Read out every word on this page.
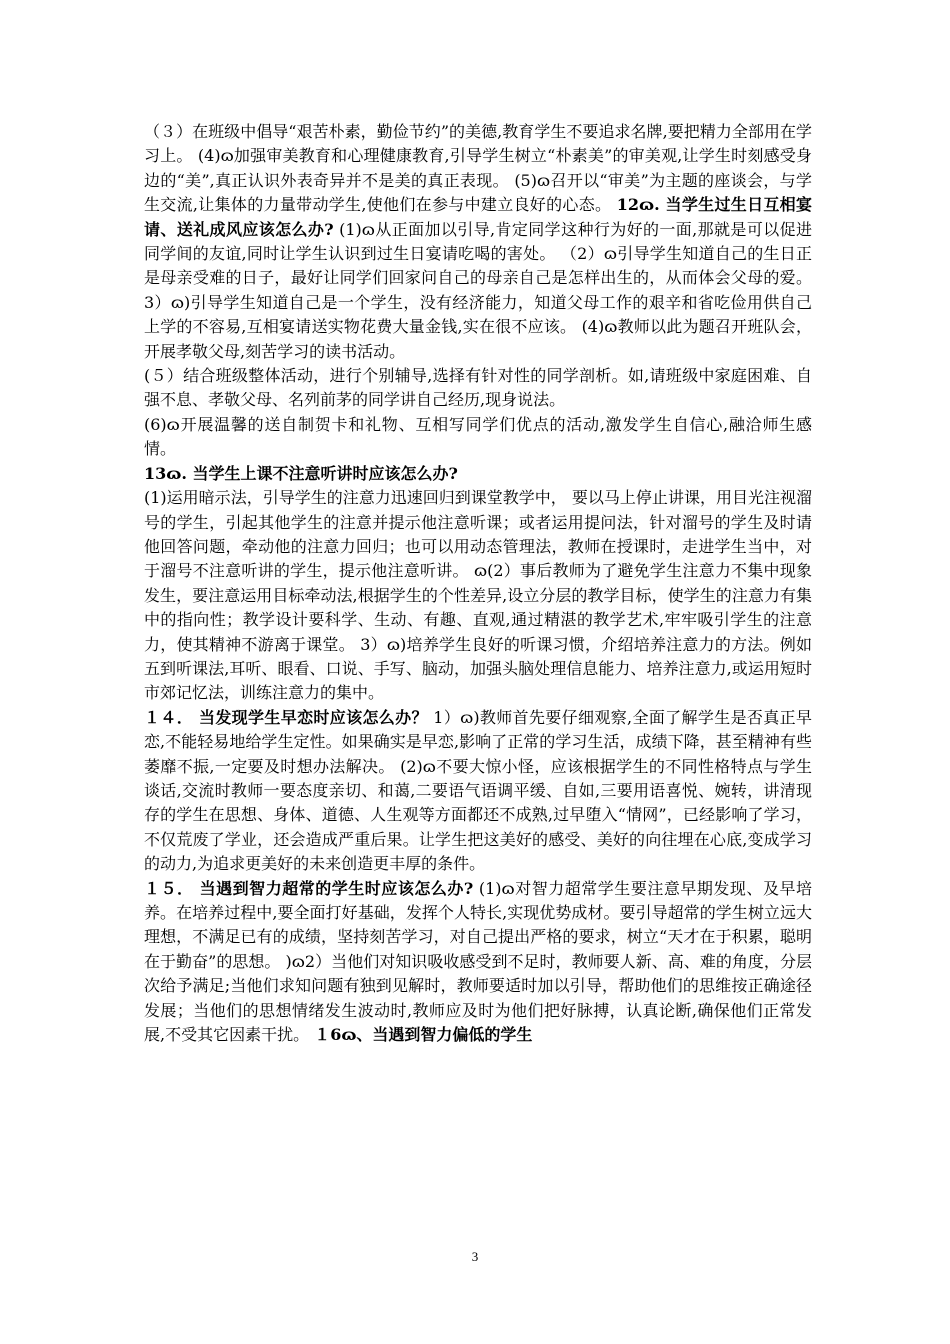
（３）在班级中倡导“艰苦朴素，勤俭节约”的美德,教育学生不要追求名牌,要把精力全部用在学习上。 (4)ɷ加强审美教育和心理健康教育,引导学生树立“朴素美”的审美观,让学生时刻感受身边的“美”,真正认识外表奇异并不是美的真正表现。 (5)ɷ召开以“审美”为主题的座谈会，与学生交流,让集体的力量带动学生,使他们在参与中建立良好的心态。 12ɷ. 当学生过生日互相宴请、送礼成风应该怎么办? (1)ɷ从正面加以引导,肯定同学这种行为好的一面,那就是可以促进同学间的友谊,同时让学生认识到过生日宴请吃喝的害处。 （2）ɷ引导学生知道自己的生日正是母亲受难的日子，最好让同学们回家问自己的母亲自己是怎样出生的，从而体会父母的爱。 3）ɷ)引导学生知道自己是一个学生，没有经济能力，知道父母工作的艰辛和省吃俭用供自己上学的不容易,互相宴请送实物花费大量金钱,实在很不应该。 (4)ɷ教师以此为题召开班队会，开展孝敬父母,刻苦学习的读书活动。

(５）结合班级整体活动，进行个别辅导,选择有针对性的同学剖析。如,请班级中家庭困难、自强不息、孝敬父母、名列前茅的同学讲自己经历,现身说法。

(6)ɷ开展温馨的送自制贺卡和礼物、互相写同学们优点的活动,激发学生自信心,融洽师生感情。

13ɷ. 当学生上课不注意听讲时应该怎么办?

(1)运用暗示法，引导学生的注意力迅速回归到课堂教学中， 要以马上停止讲课，用目光注视溜号的学生，引起其他学生的注意并提示他注意听课；或者运用提问法，针对溜号的学生及时请他回答问题，牵动他的注意力回归；也可以用动态管理法，教师在授课时，走进学生当中，对于溜号不注意听讲的学生，提示他注意听讲。 ɷ(2）事后教师为了避免学生注意力不集中现象发生，要注意运用目标牵动法,根据学生的个性差异,设立分层的教学目标，使学生的注意力有集中的指向性；教学设计要科学、生动、有趣、直观,通过精湛的教学艺术,牢牢吸引学生的注意力，使其精神不游离于课堂。 3）ɷ)培养学生良好的听课习惯，介绍培养注意力的方法。例如五到听课法,耳听、眼看、口说、手写、脑动，加强头脑处理信息能力、培养注意力,或运用短时市郊记忆法，训练注意力的集中。

１４． 当发现学生早恋时应该怎么办？ 1）ɷ)教师首先要仔细观察,全面了解学生是否真正早恋,不能轻易地给学生定性。如果确实是早恋,影响了正常的学习生活，成绩下降，甚至精神有些萎靡不振,一定要及时想办法解决。 (2)ɷ不要大惊小怪，应该根据学生的不同性格特点与学生谈话,交流时教师一要态度亲切、和蔼,二要语气语调平缓、自如,三要用语喜悦、婉转，讲清现存的学生在思想、身体、道德、人生观等方面都还不成熟,过早堕入“情网”，已经影响了学习，不仅荒废了学业，还会造成严重后果。让学生把这美好的感受、美好的向往埋在心底,变成学习的动力,为追求更美好的未来创造更丰厚的条件。

１５． 当遇到智力超常的学生时应该怎么办? (1)ɷ对智力超常学生要注意早期发现、及早培养。在培养过程中,要全面打好基础，发挥个人特长,实现优势成材。要引导超常的学生树立远大理想，不满足已有的成绩，坚持刻苦学习，对自己提出严格的要求，树立“天才在于积累，聪明在于勤奋”的思想。 )ɷ2）当他们对知识吸收感受到不足时，教师要人新、高、难的角度，分层次给予满足;当他们求知问题有独到见解时，教师要适时加以引导，帮助他们的思维按正确途径发展；当他们的思想情绪发生波动时,教师应及时为他们把好脉搏，认真论断,确保他们正常发展,不受其它因素干扰。 １6ɷ、当遇到智力偏低的学生

3
